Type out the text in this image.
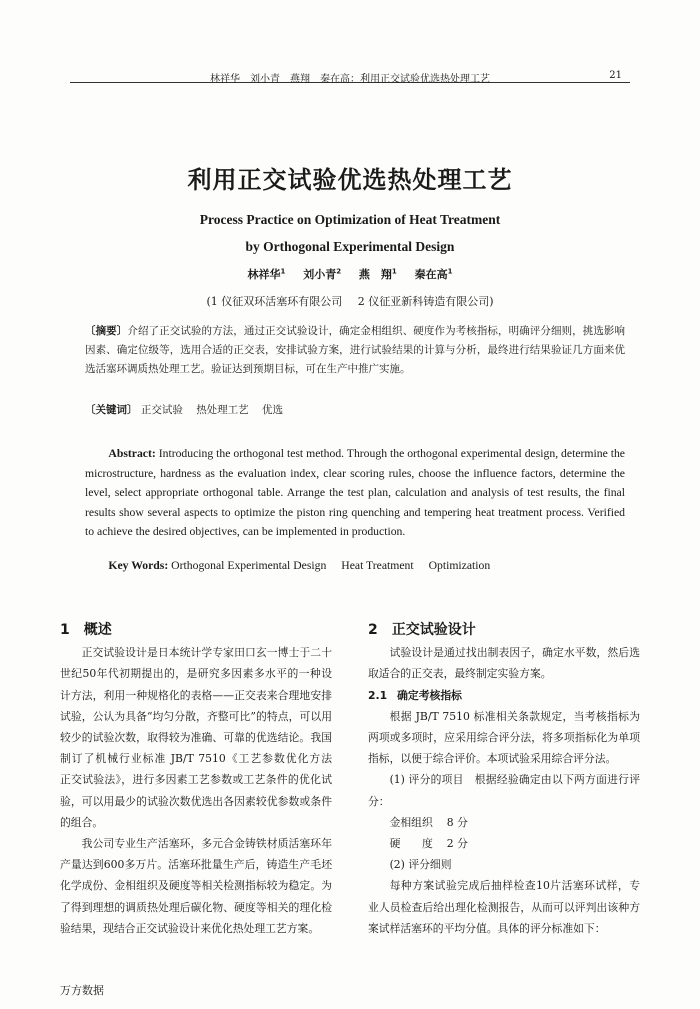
林祥华　刘小青　燕翔　秦在高：利用正交试验优选热处理工艺	21
利用正交试验优选热处理工艺
Process Practice on Optimization of Heat Treatment
by Orthogonal Experimental Design
林祥华$^1$ 刘小青$^2$ 燕　翔$^1$ 秦在高$^1$
(1 仪征双环活塞环有限公司 2 仪征亚新科铸造有限公司)
〔摘要〕介绍了正交试验的方法，通过正交试验设计，确定金相组织、硬度作为考核指标，明确评分细则，挑选影响因素、确定位级等，选用合适的正交表，安排试验方案，进行试验结果的计算与分析，最终进行结果验证几方面来优选活塞环调质热处理工艺。验证达到预期目标，可在生产中推广实施。
〔关键词〕 正交试验 热处理工艺 优选
Abstract: Introducing the orthogonal test method. Through the orthogonal experimental design, determine the microstructure, hardness as the evaluation index, clear scoring rules, choose the influence factors, determine the level, select appropriate orthogonal table. Arrange the test plan, calculation and analysis of test results, the final results show several aspects to optimize the piston ring quenching and tempering heat treatment process. Verified to achieve the desired objectives, can be implemented in production.
Key Words: Orthogonal Experimental Design Heat Treatment Optimization
1 概述

正交试验设计是日本统计学专家田口玄一博士于二十世纪50年代初期提出的，是研究多因素多水平的一种设计方法，利用一种规格化的表格——正交表来合理地安排试验，公认为具备“均匀分散，齐整可比”的特点，可以用较少的试验次数，取得较为准确、可靠的优选结论。我国制订了机械行业标准 JB/T 7510《工艺参数优化方法　正交试验法》，进行多因素工艺参数或工艺条件的优化试验，可以用最少的试验次数优选出各因素较优参数或条件的组合。

我公司专业生产活塞环，多元合金铸铁材质活塞环年产量达到600多万片。活塞环批量生产后，铸造生产毛坯化学成份、金相组织及硬度等相关检测指标较为稳定。为了得到理想的调质热处理后碳化物、硬度等相关的理化检验结果，现结合正交试验设计来优化热处理工艺方案。

2 正交试验设计

试验设计是通过找出制表因子，确定水平数，然后选取适合的正交表，最终制定实验方案。

2.1 确定考核指标

根据 JB/T 7510 标准相关条款规定，当考核指标为两项或多项时，应采用综合评分法，将多项指标化为单项指标，以便于综合评价。本项试验采用综合评分法。

(1) 评分的项目　根据经验确定由以下两方面进行评分：

金相组织 8 分
硬　　度 2 分

(2) 评分细则

每种方案试验完成后抽样检查10片活塞环试样，专业人员检查后给出理化检测报告，从而可以评判出该种方案试样活塞环的平均分值。具体的评分标准如下：

万方数据
